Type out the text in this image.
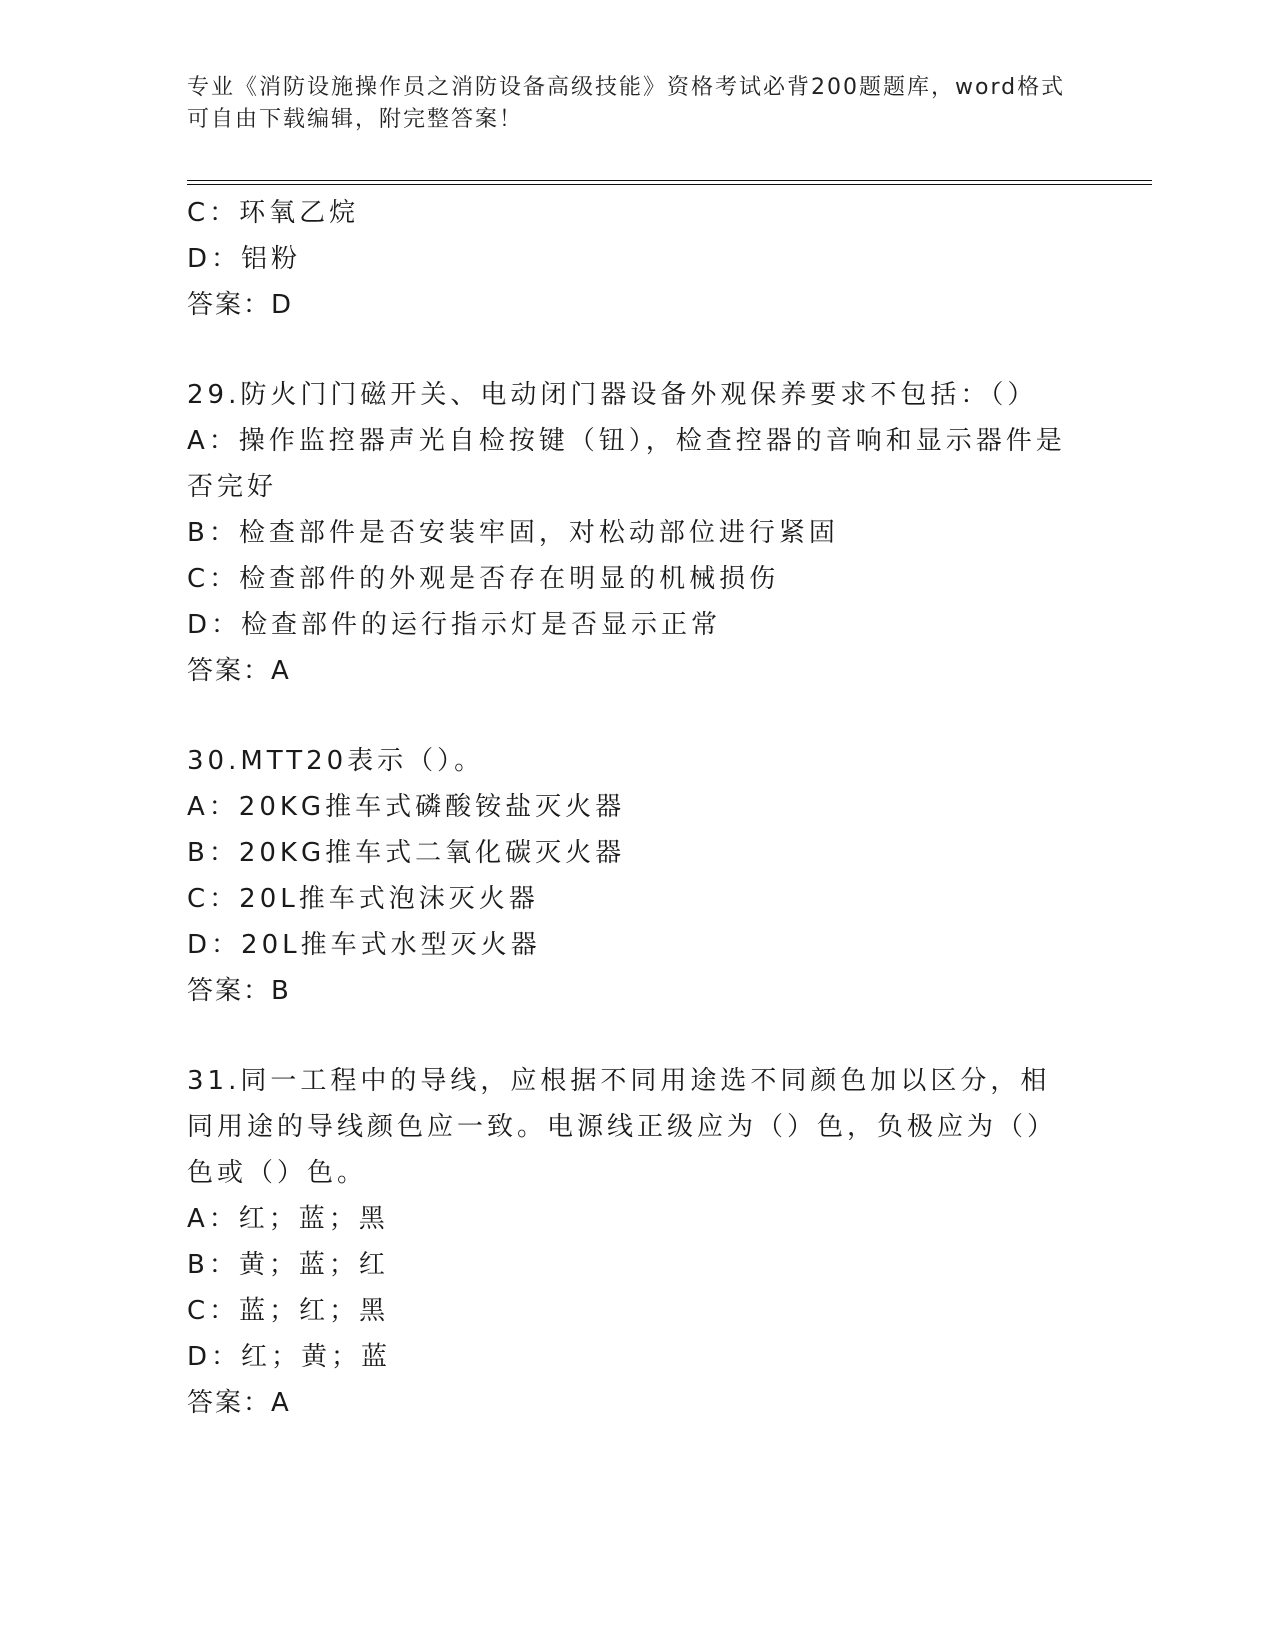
专业《消防设施操作员之消防设备高级技能》资格考试必背200题题库，word格式可自由下载编辑，附完整答案！

C：环氧乙烷

D：铝粉

答案：D

29.防火门门磁开关、电动闭门器设备外观保养要求不包括：（）

A：操作监控器声光自检按键（钮），检查控器的音响和显示器件是否完好

B：检查部件是否安装牢固，对松动部位进行紧固

C：检查部件的外观是否存在明显的机械损伤

D：检查部件的运行指示灯是否显示正常

答案：A

30.MTT20表示（）。

A：20KG推车式磷酸铵盐灭火器

B：20KG推车式二氧化碳灭火器

C：20L推车式泡沫灭火器

D：20L推车式水型灭火器

答案：B

31.同一工程中的导线，应根据不同用途选不同颜色加以区分，相同用途的导线颜色应一致。电源线正级应为（）色，负极应为（）色或（）色。

A：红；蓝；黑

B：黄；蓝；红

C：蓝；红；黑

D：红；黄；蓝

答案：A
